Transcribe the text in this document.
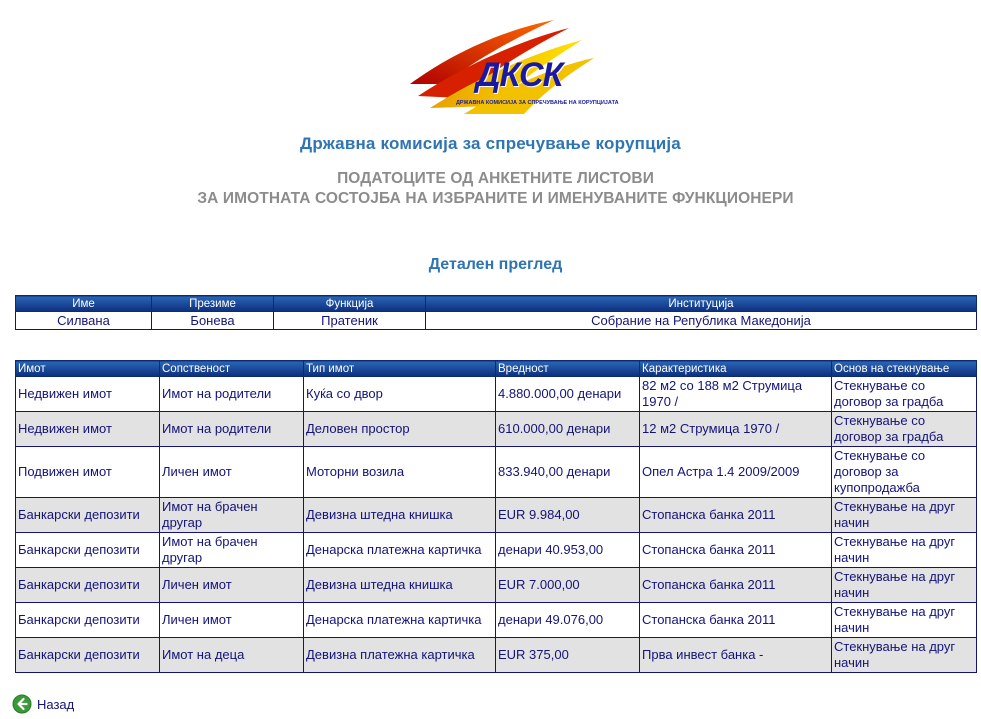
ДКСК
ДРЖАВНА КОМИСИЈА ЗА СПРЕЧУВАЊЕ НА КОРУПЦИЈАТА
Државна комисија за спречување корупција
ПОДАТОЦИТЕ ОД АНКЕТНИТЕ ЛИСТОВИ
ЗА ИМОТНАТА СОСТОЈБА НА ИЗБРАНИТЕ И ИМЕНУВАНИТЕ ФУНКЦИОНЕРИ
Детален преглед
Име	Презиме	Функција	Институција
Силвана	Бонева	Пратеник	Собрание на Република Македонија
Имот	Сопственост	Тип имот	Вредност	Карактеристика	Основ на стекнување
Недвижен имот	Имот на родители	Куќа со двор	4.880.000,00 денари	82 м2 со 188 м2 Струмица 1970 /	Стекнување со договор за градба
Недвижен имот	Имот на родители	Деловен простор	610.000,00 денари	12 м2 Струмица 1970 /	Стекнување со договор за градба
Подвижен имот	Личен имот	Моторни возила	833.940,00 денари	Опел Астра 1.4 2009/2009	Стекнување со договор за купопродажба
Банкарски депозити	Имот на брачен другар	Девизна штедна книшка	EUR 9.984,00	Стопанска банка 2011	Стекнување на друг начин
Банкарски депозити	Имот на брачен другар	Денарска платежна картичка	денари 40.953,00	Стопанска банка 2011	Стекнување на друг начин
Банкарски депозити	Личен имот	Девизна штедна книшка	EUR 7.000,00	Стопанска банка 2011	Стекнување на друг начин
Банкарски депозити	Личен имот	Денарска платежна картичка	денари 49.076,00	Стопанска банка 2011	Стекнување на друг начин
Банкарски депозити	Имот на деца	Девизна платежна картичка	EUR 375,00	Прва инвест банка -	Стекнување на друг начин
Назад
